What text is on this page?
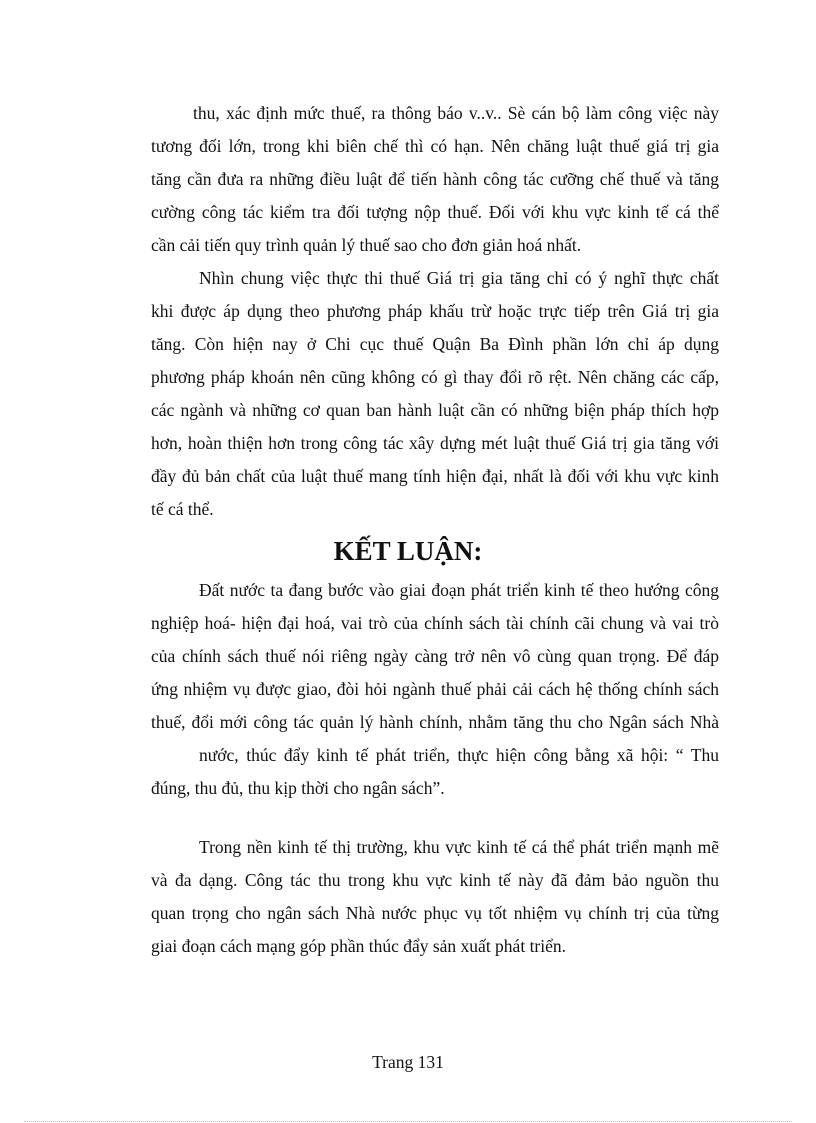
thu, xác định mức thuế, ra thông báo v..v.. Sè cán bộ làm công việc này
tương đối lớn, trong khi biên chế thì có hạn. Nên chăng luật thuế giá trị gia
tăng cần đưa ra những điều luật để tiến hành công tác cưỡng chế thuế và tăng
cường công tác kiểm tra đối tượng nộp thuế. Đối với khu vực kinh tế cá thể
cần cải tiến quy trình quản lý thuế sao cho đơn giản hoá nhất.
Nhìn chung việc thực thi thuế Giá trị gia tăng chỉ có ý nghĩ thực chất
khi được áp dụng theo phương pháp khấu trừ hoặc trực tiếp trên Giá trị gia
tăng. Còn hiện nay ở Chi cục thuế Quận Ba Đình phần lớn chỉ áp dụng
phương pháp khoán nên cũng không có gì thay đổi rõ rệt. Nên chăng các cấp,
các ngành và những cơ quan ban hành luật cần có những biện pháp thích hợp
hơn, hoàn thiện hơn trong công tác xây dựng mét luật thuế Giá trị gia tăng với
đầy đủ bản chất của luật thuế mang tính hiện đại, nhất là đối với khu vực kinh
tế cá thể.
KẾT LUẬN:
Đất nước ta đang bước vào giai đoạn phát triển kinh tế theo hướng công
nghiệp hoá- hiện đại hoá, vai trò của chính sách tài chính cãi chung và vai trò
của chính sách thuế nói riêng ngày càng trở nên vô cùng quan trọng. Để đáp
ứng nhiệm vụ được giao, đòi hỏi ngành thuế phải cải cách hệ thống chính sách
thuế, đổi mới công tác quản lý hành chính, nhằm tăng thu cho Ngân sách Nhà
nước, thúc đẩy kinh tế phát triển, thực hiện công bằng xã hội: “ Thu
đúng, thu đủ, thu kịp thời cho ngân sách”.
Trong nền kinh tế thị trường, khu vực kinh tế cá thể phát triển mạnh mẽ
và đa dạng. Công tác thu trong khu vực kinh tế này đã đảm bảo nguồn thu
quan trọng cho ngân sách Nhà nước phục vụ tốt nhiệm vụ chính trị của từng
giai đoạn cách mạng góp phần thúc đẩy sản xuất phát triển.
Trang 131
